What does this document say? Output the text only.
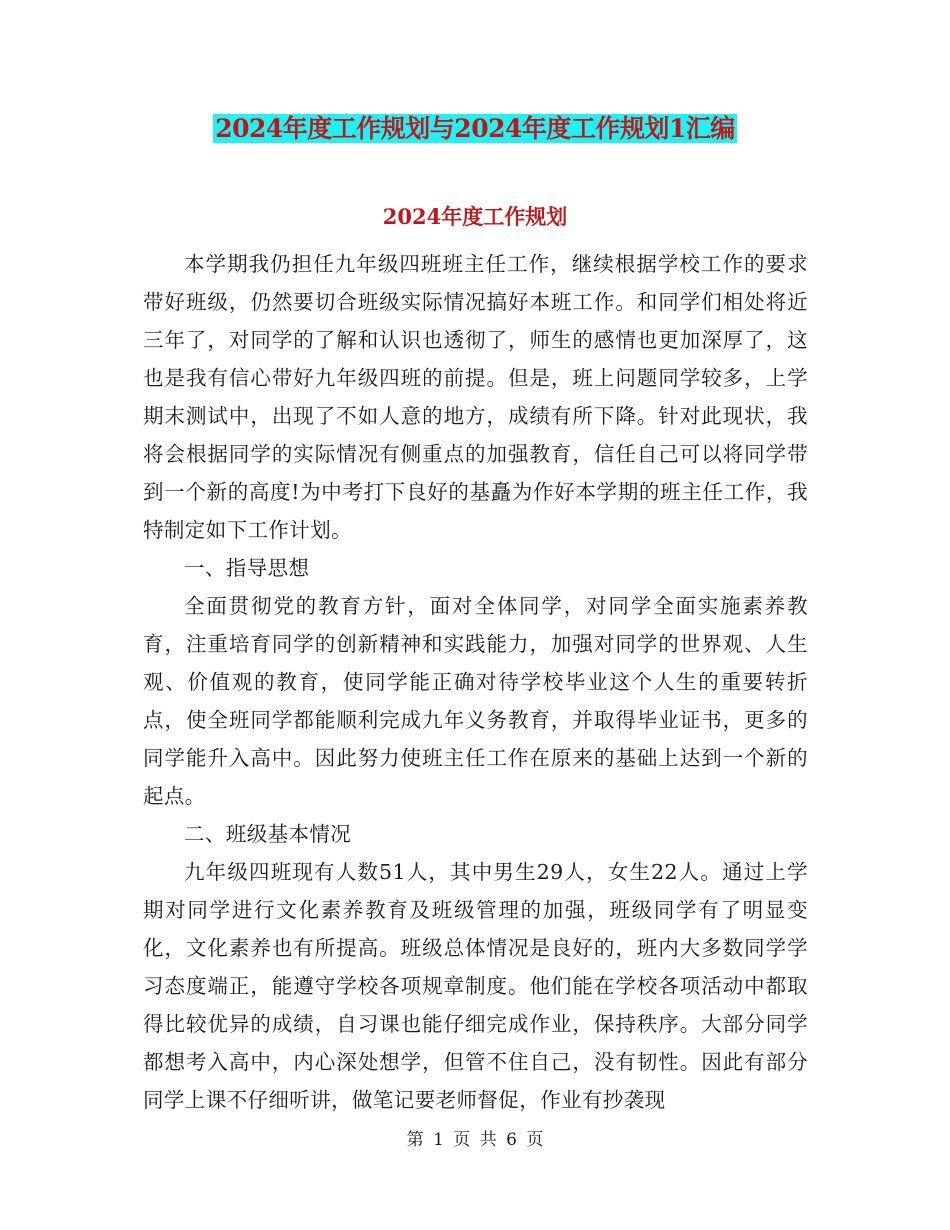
2024年度工作规划与2024年度工作规划1汇编
2024年度工作规划

本学期我仍担任九年级四班班主任工作，继续根据学校工作的要求带好班级，仍然要切合班级实际情况搞好本班工作。和同学们相处将近三年了，对同学的了解和认识也透彻了，师生的感情也更加深厚了，这也是我有信心带好九年级四班的前提。但是，班上问题同学较多，上学期末测试中，出现了不如人意的地方，成绩有所下降。针对此现状，我将会根据同学的实际情况有侧重点的加强教育，信任自己可以将同学带到一个新的高度!为中考打下良好的基矗为作好本学期的班主任工作，我特制定如下工作计划。

一、指导思想

全面贯彻党的教育方针，面对全体同学，对同学全面实施素养教育，注重培育同学的创新精神和实践能力，加强对同学的世界观、人生观、价值观的教育，使同学能正确对待学校毕业这个人生的重要转折点，使全班同学都能顺利完成九年义务教育，并取得毕业证书，更多的同学能升入高中。因此努力使班主任工作在原来的基础上达到一个新的起点。

二、班级基本情况

九年级四班现有人数51人，其中男生29人，女生22人。通过上学期对同学进行文化素养教育及班级管理的加强，班级同学有了明显变化，文化素养也有所提高。班级总体情况是良好的，班内大多数同学学习态度端正，能遵守学校各项规章制度。他们能在学校各项活动中都取得比较优异的成绩，自习课也能仔细完成作业，保持秩序。大部分同学都想考入高中，内心深处想学，但管不住自己，没有韧性。因此有部分同学上课不仔细听讲，做笔记要老师督促，作业有抄袭现

第 1 页 共 6 页
